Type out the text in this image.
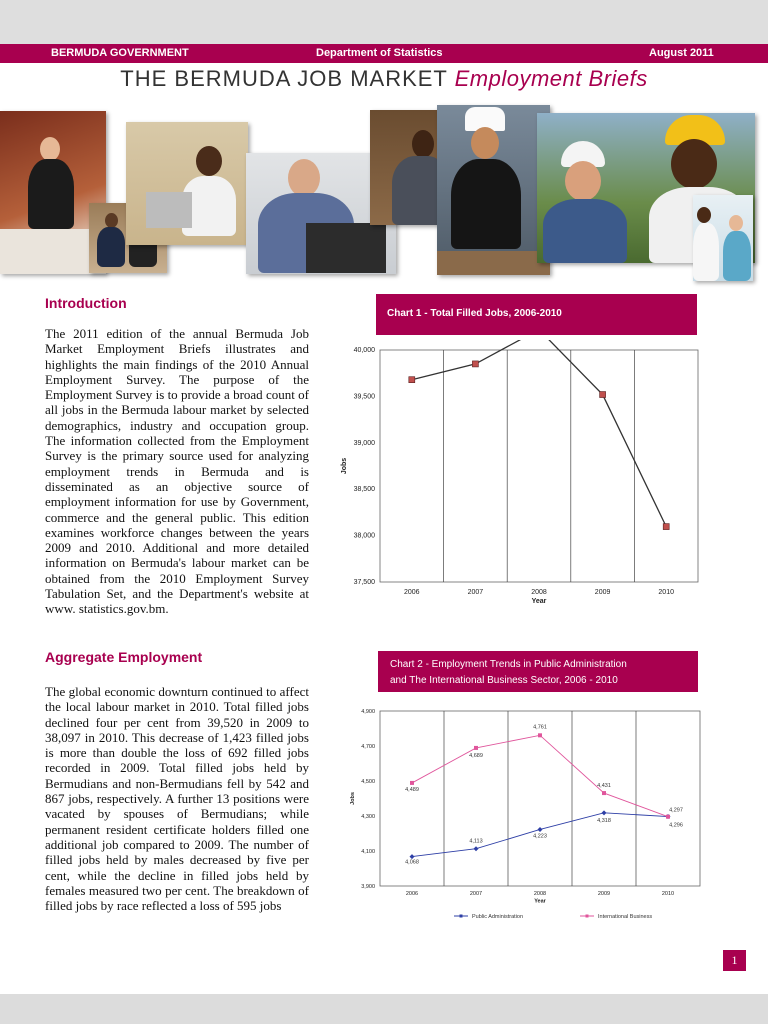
BERMUDA GOVERNMENT	Department of Statistics	August 2011
THE BERMUDA JOB MARKET Employment Briefs
Introduction

The 2011 edition of the annual Bermuda Job Market Employment Briefs illustrates and highlights the main findings of the 2010 Annual Employment Survey. The purpose of the Employment Survey is to provide a broad count of all jobs in the Bermuda labour market by selected demographics, industry and occupation group. The information collected from the Employment Survey is the primary source used for analyzing employment trends in Bermuda and is disseminated as an objective source of employment information for use by Government, commerce and the general public. This edition examines workforce changes between the years 2009 and 2010. Additional and more detailed information on Bermuda's labour market can be obtained from the 2010 Employment Survey Tabulation Set, and the Department's website at www. statistics.gov.bm.

Aggregate Employment

The global economic downturn continued to affect the local labour market in 2010. Total filled jobs declined four per cent from 39,520 in 2009 to 38,097 in 2010. This decrease of 1,423 filled jobs is more than double the loss of 692 filled jobs recorded in 2009. Total filled jobs held by Bermudians and non-Bermudians fell by 542 and 867 jobs, respectively. A further 13 positions were vacated by spouses of Bermudians; while permanent resident certificate holders filled one additional job compared to 2009. The number of filled jobs held by males decreased by five per cent, while the decline in filled jobs held by females measured two per cent. The breakdown of filled jobs by race reflected a loss of 595 jobs

Chart 1 - Total Filled Jobs, 2006-2010
37,500
38,000
38,500
39,000
39,500
40,000
2006	2007	2008	2009	2010
Year
Jobs
Chart 2 - Employment Trends in Public Administration
and The International Business Sector, 2006 - 2010
3,900
4,100
4,300
4,500
4,700
4,900
2006	2007	2008	2009	2010
Year
Jobs
4,068
4,113
4,223
4,318
4,297
4,489
4,689
4,761
4,431
4,296
Public Administration	International Business
1
